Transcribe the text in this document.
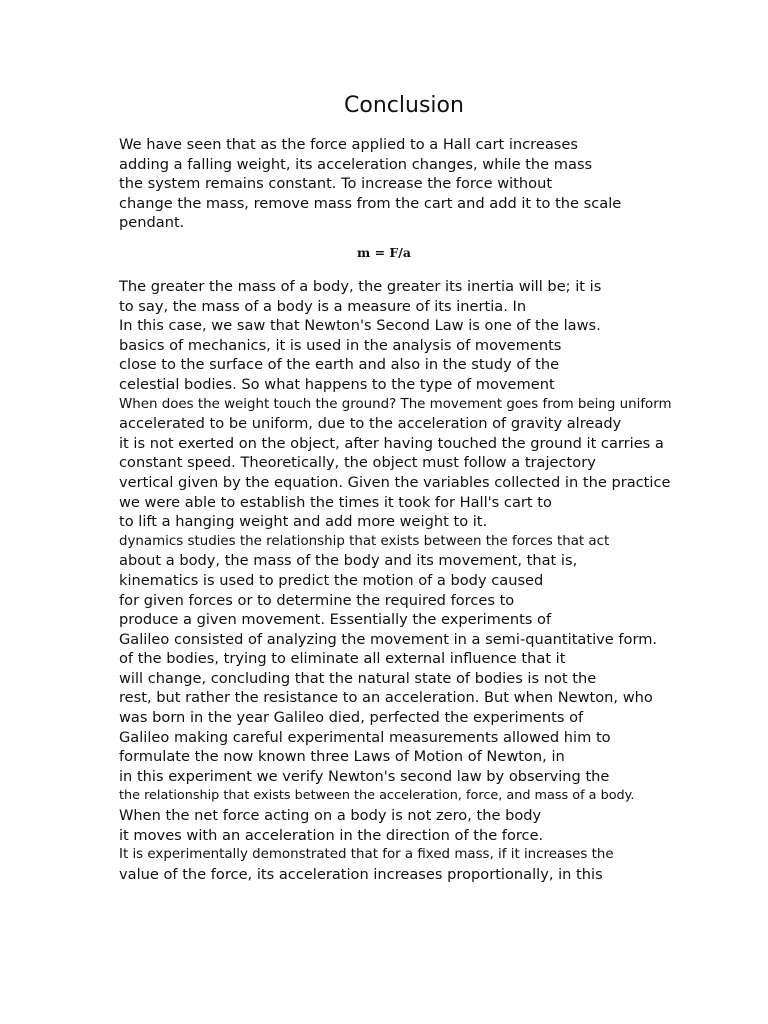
Conclusion
We have seen that as the force applied to a Hall cart increases
adding a falling weight, its acceleration changes, while the mass
the system remains constant. To increase the force without
change the mass, remove mass from the cart and add it to the scale
pendant.
m = F/a
The greater the mass of a body, the greater its inertia will be; it is
to say, the mass of a body is a measure of its inertia. In
In this case, we saw that Newton's Second Law is one of the laws.
basics of mechanics, it is used in the analysis of movements
close to the surface of the earth and also in the study of the
celestial bodies. So what happens to the type of movement
When does the weight touch the ground? The movement goes from being uniform
accelerated to be uniform, due to the acceleration of gravity already
it is not exerted on the object, after having touched the ground it carries a
constant speed. Theoretically, the object must follow a trajectory
vertical given by the equation. Given the variables collected in the practice
we were able to establish the times it took for Hall's cart to
to lift a hanging weight and add more weight to it.
dynamics studies the relationship that exists between the forces that act
about a body, the mass of the body and its movement, that is,
kinematics is used to predict the motion of a body caused
for given forces or to determine the required forces to
produce a given movement. Essentially the experiments of
Galileo consisted of analyzing the movement in a semi-quantitative form.
of the bodies, trying to eliminate all external influence that it
will change, concluding that the natural state of bodies is not the
rest, but rather the resistance to an acceleration. But when Newton, who
was born in the year Galileo died, perfected the experiments of
Galileo making careful experimental measurements allowed him to
formulate the now known three Laws of Motion of Newton, in
in this experiment we verify Newton's second law by observing the
the relationship that exists between the acceleration, force, and mass of a body.
When the net force acting on a body is not zero, the body
it moves with an acceleration in the direction of the force.
It is experimentally demonstrated that for a fixed mass, if it increases the
value of the force, its acceleration increases proportionally, in this
